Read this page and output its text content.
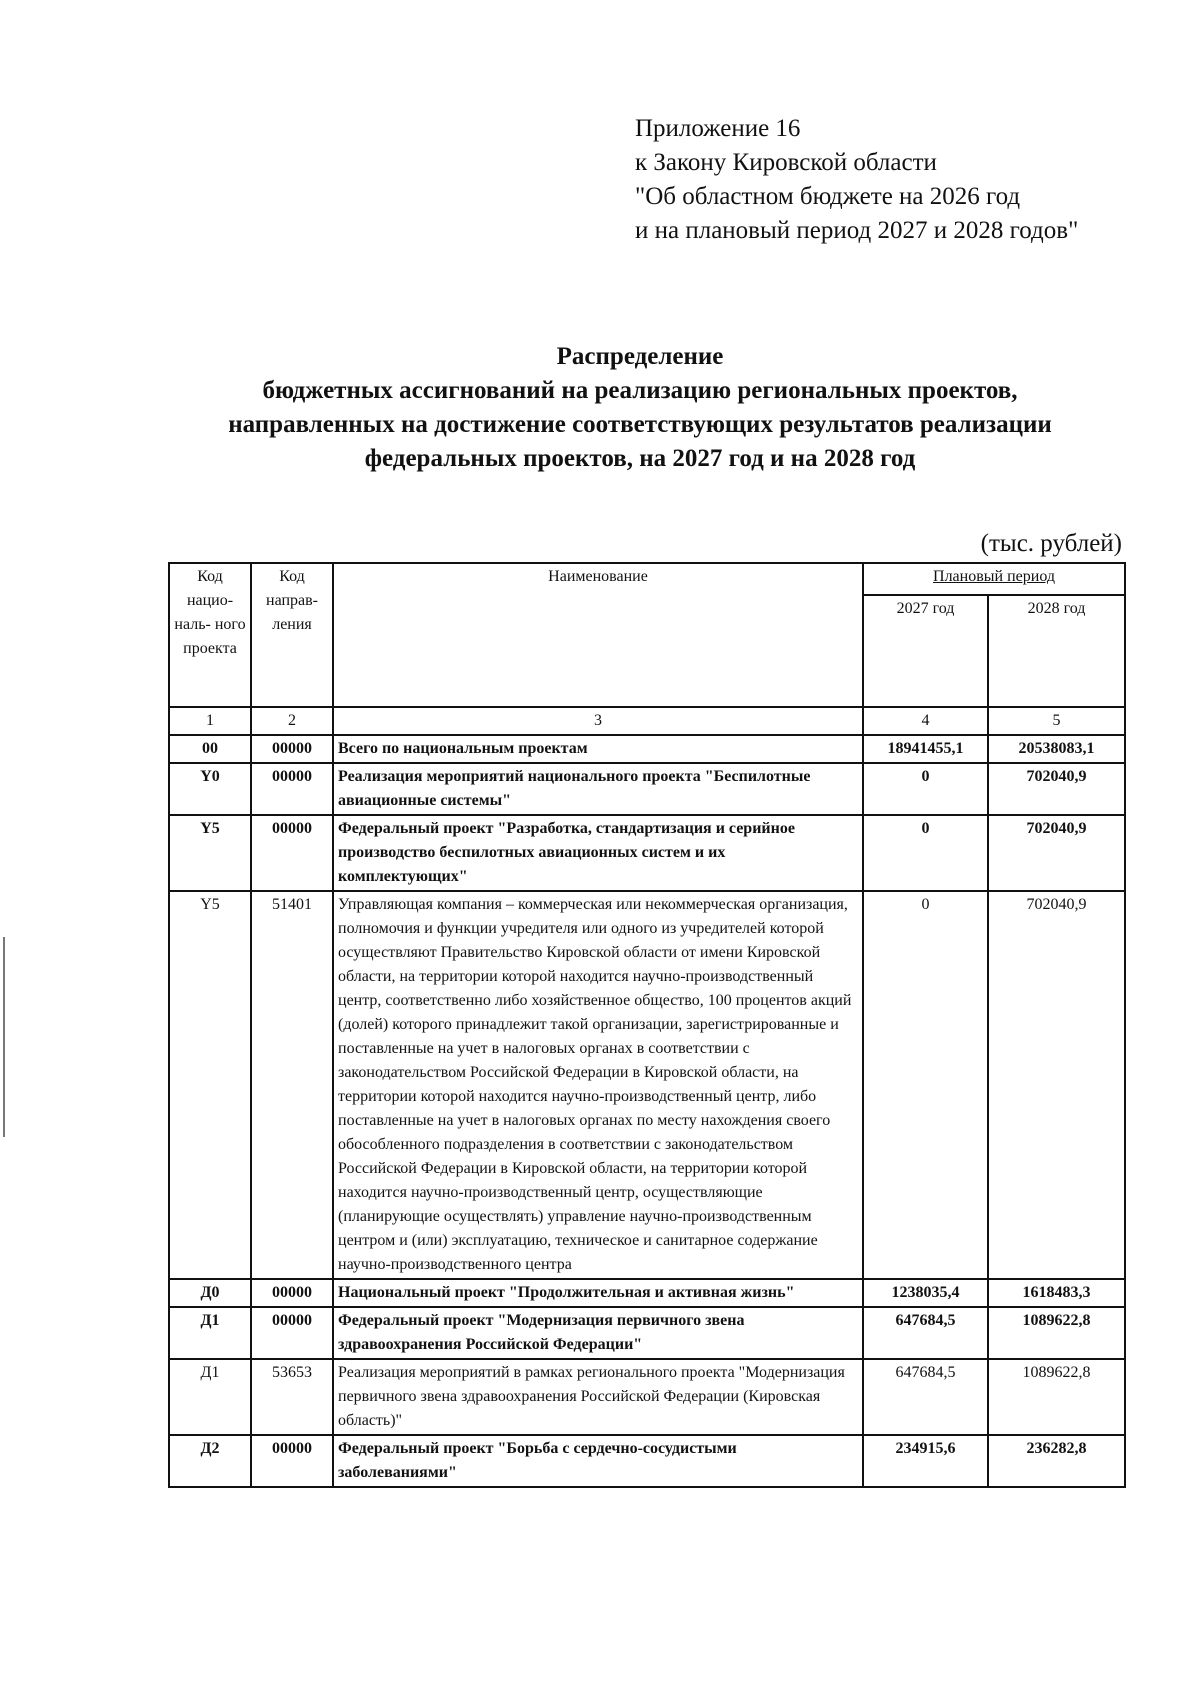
Приложение 16
к Закону Кировской области
"Об областном бюджете на 2026 год
и на плановый период 2027 и 2028 годов"
Распределение
бюджетных ассигнований на реализацию региональных проектов,
направленных на достижение соответствующих результатов реализации
федеральных проектов, на 2027 год и на 2028 год
(тыс. рублей)
Код нацио- наль- ного проекта	Код направ- ления	Наименование	Плановый период	
			2027 год	2028 год
1	2	3	4	5
00	00000	Всего по национальным проектам	18941455,1	20538083,1
Y0	00000	Реализация мероприятий национального проекта "Беспилотные авиационные системы"	0	702040,9
Y5	00000	Федеральный проект "Разработка, стандартизация и серийное производство беспилотных авиационных систем и их комплектующих"	0	702040,9
Y5	51401	Управляющая компания – коммерческая или некоммерческая организация, полномочия и функции учредителя или одного из учредителей которой осуществляют Правительство Кировской области от имени Кировской области, на территории которой находится научно-производственный центр, соответственно либо хозяйственное общество, 100 процентов акций (долей) которого принадлежит такой организации, зарегистрированные и поставленные на учет в налоговых органах в соответствии с законодательством Российской Федерации в Кировской области, на территории которой находится научно-производственный центр, либо поставленные на учет в налоговых органах по месту нахождения своего обособленного подразделения в соответствии с законодательством Российской Федерации в Кировской области, на территории которой находится научно-производственный центр, осуществляющие (планирующие осуществлять) управление научно-производственным центром и (или) эксплуатацию, техническое и санитарное содержание научно-производственного центра	0	702040,9
Д0	00000	Национальный проект "Продолжительная и активная жизнь"	1238035,4	1618483,3
Д1	00000	Федеральный проект "Модернизация первичного звена здравоохранения Российской Федерации"	647684,5	1089622,8
Д1	53653	Реализация мероприятий в рамках регионального проекта "Модернизация первичного звена здравоохранения Российской Федерации (Кировская область)"	647684,5	1089622,8
Д2	00000	Федеральный проект "Борьба с сердечно-сосудистыми заболеваниями"	234915,6	236282,8
